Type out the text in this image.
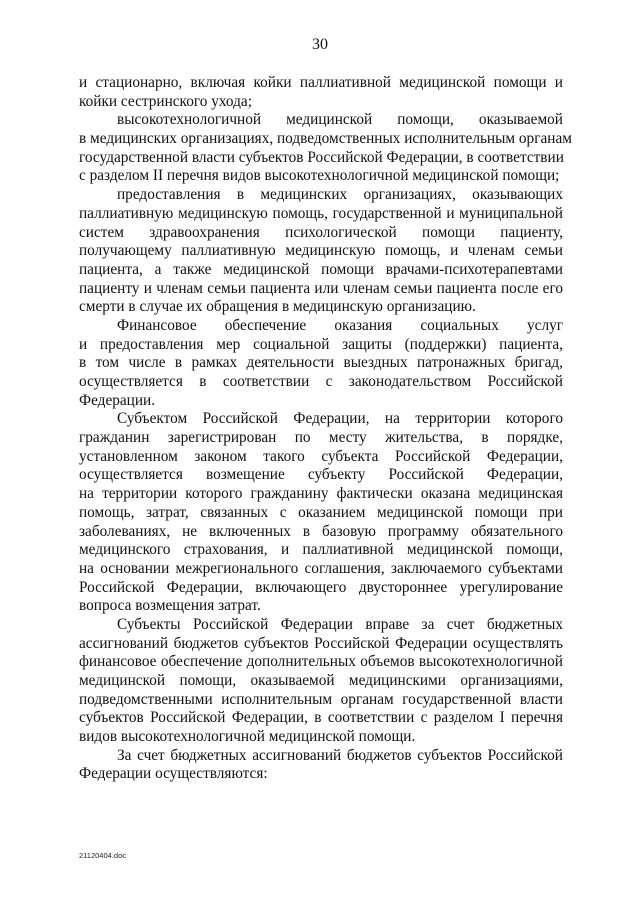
30
и стационарно, включая койки паллиативной медицинской помощи и
койки сестринского ухода;
высокотехнологичной медицинской помощи, оказываемой
в медицинских организациях, подведомственных исполнительным органам
государственной власти субъектов Российской Федерации, в соответствии
с разделом II перечня видов высокотехнологичной медицинской помощи;
предоставления в медицинских организациях, оказывающих
паллиативную медицинскую помощь, государственной и муниципальной
систем здравоохранения психологической помощи пациенту,
получающему паллиативную медицинскую помощь, и членам семьи
пациента, а также медицинской помощи врачами-психотерапевтами
пациенту и членам семьи пациента или членам семьи пациента после его
смерти в случае их обращения в медицинскую организацию.
Финансовое обеспечение оказания социальных услуг
и предоставления мер социальной защиты (поддержки) пациента,
в том числе в рамках деятельности выездных патронажных бригад,
осуществляется в соответствии с законодательством Российской
Федерации.
Субъектом Российской Федерации, на территории которого
гражданин зарегистрирован по месту жительства, в порядке,
установленном законом такого субъекта Российской Федерации,
осуществляется возмещение субъекту Российской Федерации,
на территории которого гражданину фактически оказана медицинская
помощь, затрат, связанных с оказанием медицинской помощи при
заболеваниях, не включенных в базовую программу обязательного
медицинского страхования, и паллиативной медицинской помощи,
на основании межрегионального соглашения, заключаемого субъектами
Российской Федерации, включающего двустороннее урегулирование
вопроса возмещения затрат.
Субъекты Российской Федерации вправе за счет бюджетных
ассигнований бюджетов субъектов Российской Федерации осуществлять
финансовое обеспечение дополнительных объемов высокотехнологичной
медицинской помощи, оказываемой медицинскими организациями,
подведомственными исполнительным органам государственной власти
субъектов Российской Федерации, в соответствии с разделом I перечня
видов высокотехнологичной медицинской помощи.
За счет бюджетных ассигнований бюджетов субъектов Российской
Федерации осуществляются:
21120404.doc
